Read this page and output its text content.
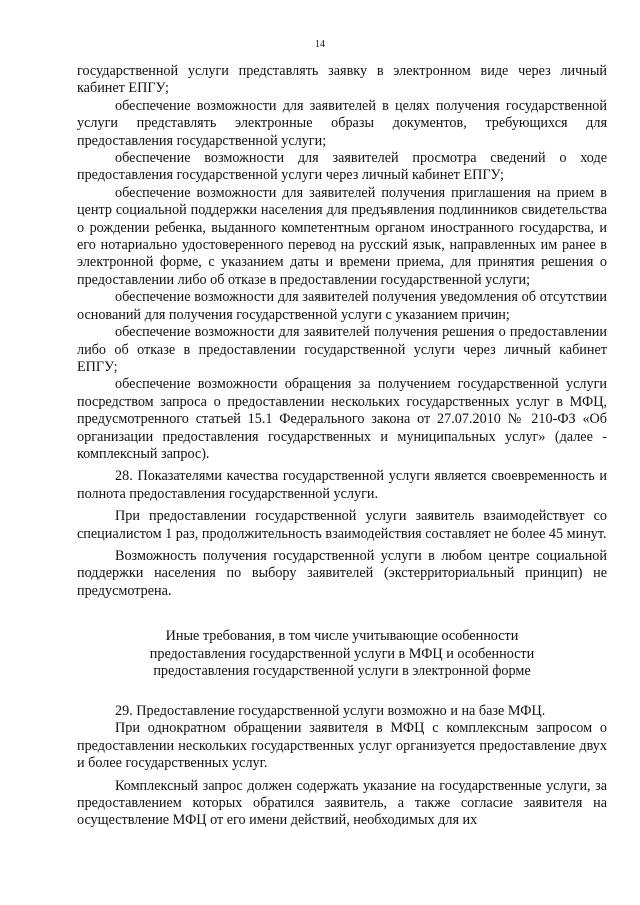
14

государственной услуги представлять заявку в электронном виде через личный кабинет ЕПГУ;

обеспечение возможности для заявителей в целях получения государственной услуги представлять электронные образы документов, требующихся для предоставления государственной услуги;

обеспечение возможности для заявителей просмотра сведений о ходе предоставления государственной услуги через личный кабинет ЕПГУ;

обеспечение возможности для заявителей получения приглашения на прием в центр социальной поддержки населения для предъявления подлинников свидетельства о рождении ребенка, выданного компетентным органом иностранного государства, и его нотариально удостоверенного перевод на русский язык, направленных им ранее в электронной форме, с указанием даты и времени приема, для принятия решения о предоставлении либо об отказе в предоставлении государственной услуги;

обеспечение возможности для заявителей получения уведомления об отсутствии оснований для получения государственной услуги с указанием причин;

обеспечение возможности для заявителей получения решения о предоставлении либо об отказе в предоставлении государственной услуги через личный кабинет ЕПГУ;

обеспечение возможности обращения за получением государственной услуги посредством запроса о предоставлении нескольких государственных услуг в МФЦ, предусмотренного статьей 15.1 Федерального закона от 27.07.2010 № 210-ФЗ «Об организации предоставления государственных и муниципальных услуг» (далее - комплексный запрос).

28. Показателями качества государственной услуги является своевременность и полнота предоставления государственной услуги.

При предоставлении государственной услуги заявитель взаимодействует со специалистом 1 раз, продолжительность взаимодействия составляет не более 45 минут.

Возможность получения государственной услуги в любом центре социальной поддержки населения по выбору заявителей (экстерриториальный принцип) не предусмотрена.

Иные требования, в том числе учитывающие особенности
предоставления государственной услуги в МФЦ и особенности
предоставления государственной услуги в электронной форме

29. Предоставление государственной услуги возможно и на базе МФЦ.

При однократном обращении заявителя в МФЦ с комплексным запросом о предоставлении нескольких государственных услуг организуется предоставление двух и более государственных услуг.

Комплексный запрос должен содержать указание на государственные услуги, за предоставлением которых обратился заявитель, а также согласие заявителя на осуществление МФЦ от его имени действий, необходимых для их
